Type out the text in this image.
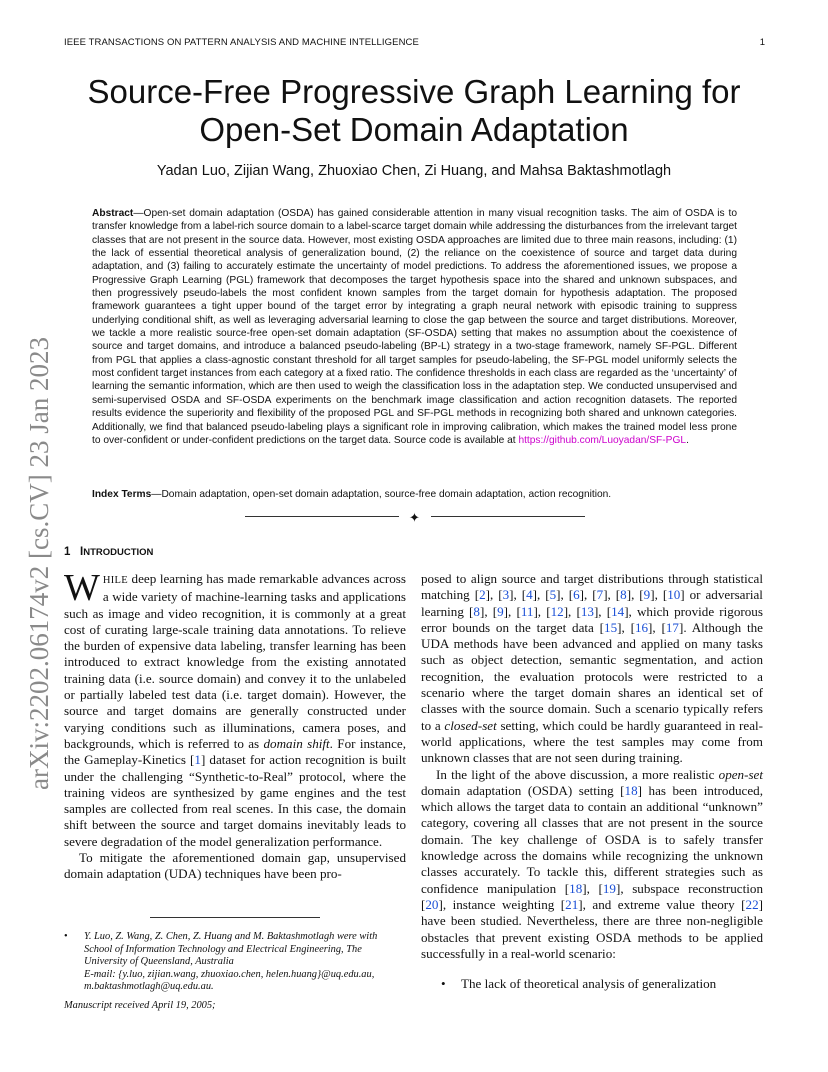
IEEE TRANSACTIONS ON PATTERN ANALYSIS AND MACHINE INTELLIGENCE	1
arXiv:2202.06174v2 [cs.CV] 23 Jan 2023
Source-Free Progressive Graph Learning for Open-Set Domain Adaptation
Yadan Luo, Zijian Wang, Zhuoxiao Chen, Zi Huang, and Mahsa Baktashmotlagh
Abstract—Open-set domain adaptation (OSDA) has gained considerable attention in many visual recognition tasks. The aim of OSDA is to transfer knowledge from a label-rich source domain to a label-scarce target domain while addressing the disturbances from the irrelevant target classes that are not present in the source data. However, most existing OSDA approaches are limited due to three main reasons, including: (1) the lack of essential theoretical analysis of generalization bound, (2) the reliance on the coexistence of source and target data during adaptation, and (3) failing to accurately estimate the uncertainty of model predictions. To address the aforementioned issues, we propose a Progressive Graph Learning (PGL) framework that decomposes the target hypothesis space into the shared and unknown subspaces, and then progressively pseudo-labels the most confident known samples from the target domain for hypothesis adaptation. The proposed framework guarantees a tight upper bound of the target error by integrating a graph neural network with episodic training to suppress underlying conditional shift, as well as leveraging adversarial learning to close the gap between the source and target distributions. Moreover, we tackle a more realistic source-free open-set domain adaptation (SF-OSDA) setting that makes no assumption about the coexistence of source and target domains, and introduce a balanced pseudo-labeling (BP-L) strategy in a two-stage framework, namely SF-PGL. Different from PGL that applies a class-agnostic constant threshold for all target samples for pseudo-labeling, the SF-PGL model uniformly selects the most confident target instances from each category at a fixed ratio. The confidence thresholds in each class are regarded as the ‘uncertainty’ of learning the semantic information, which are then used to weigh the classification loss in the adaptation step. We conducted unsupervised and semi-supervised OSDA and SF-OSDA experiments on the benchmark image classification and action recognition datasets. The reported results evidence the superiority and flexibility of the proposed PGL and SF-PGL methods in recognizing both shared and unknown categories. Additionally, we find that balanced pseudo-labeling plays a significant role in improving calibration, which makes the trained model less prone to over-confident or under-confident predictions on the target data. Source code is available at https://github.com/Luoyadan/SF-PGL.
Index Terms—Domain adaptation, open-set domain adaptation, source-free domain adaptation, action recognition.
✦
1 INTRODUCTION

WHILE deep learning has made remarkable advances across a wide variety of machine-learning tasks and applications such as image and video recognition, it is commonly at a great cost of curating large-scale training data annotations. To relieve the burden of expensive data labeling, transfer learning has been introduced to extract knowledge from the existing annotated training data (i.e. source domain) and convey it to the unlabeled or partially labeled test data (i.e. target domain). However, the source and target domains are generally constructed under varying conditions such as illuminations, camera poses, and backgrounds, which is referred to as domain shift. For instance, the Gameplay-Kinetics [1] dataset for action recognition is built under the challenging “Synthetic-to-Real” protocol, where the training videos are synthesized by game engines and the test samples are collected from real scenes. In this case, the domain shift between the source and target domains inevitably leads to severe degradation of the model generalization performance.

To mitigate the aforementioned domain gap, unsupervised domain adaptation (UDA) techniques have been pro-

• Y. Luo, Z. Wang, Z. Chen, Z. Huang and M. Baktashmotlagh were with School of Information Technology and Electrical Engineering, The University of Queensland, Australia
E-mail: {y.luo, zijian.wang, zhuoxiao.chen, helen.huang}@uq.edu.au, m.baktashmotlagh@uq.edu.au.
Manuscript received April 19, 2005;

posed to align source and target distributions through statistical matching [2], [3], [4], [5], [6], [7], [8], [9], [10] or adversarial learning [8], [9], [11], [12], [13], [14], which provide rigorous error bounds on the target data [15], [16], [17]. Although the UDA methods have been advanced and applied on many tasks such as object detection, semantic segmentation, and action recognition, the evaluation protocols were restricted to a scenario where the target domain shares an identical set of classes with the source domain. Such a scenario typically refers to a closed-set setting, which could be hardly guaranteed in real-world applications, where the test samples may come from unknown classes that are not seen during training.

In the light of the above discussion, a more realistic open-set domain adaptation (OSDA) setting [18] has been introduced, which allows the target data to contain an additional “unknown” category, covering all classes that are not present in the source domain. The key challenge of OSDA is to safely transfer knowledge across the domains while recognizing the unknown classes accurately. To tackle this, different strategies such as confidence manipulation [18], [19], subspace reconstruction [20], instance weighting [21], and extreme value theory [22] have been studied. Nevertheless, there are three non-negligible obstacles that prevent existing OSDA methods to be applied successfully in a real-world scenario:

• The lack of theoretical analysis of generalization
